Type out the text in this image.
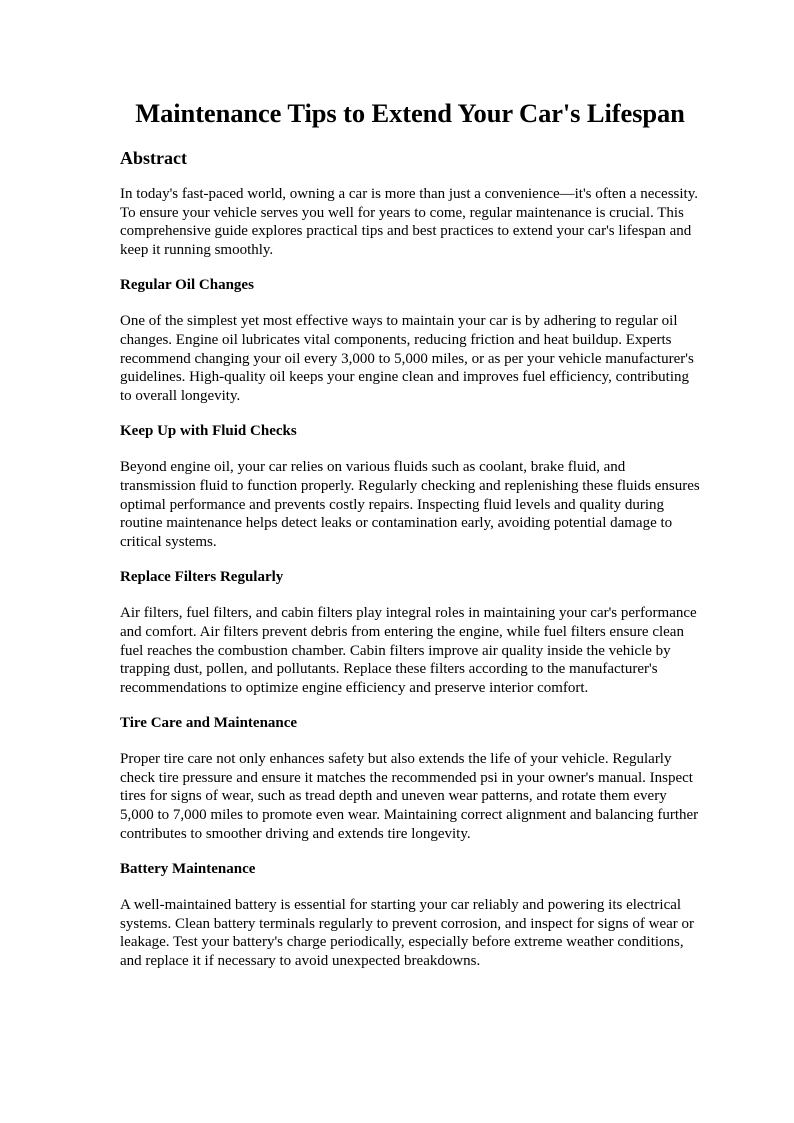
Maintenance Tips to Extend Your Car's Lifespan
Abstract

In today's fast-paced world, owning a car is more than just a convenience—it's often a necessity. To ensure your vehicle serves you well for years to come, regular maintenance is crucial. This comprehensive guide explores practical tips and best practices to extend your car's lifespan and keep it running smoothly.

Regular Oil Changes

One of the simplest yet most effective ways to maintain your car is by adhering to regular oil changes. Engine oil lubricates vital components, reducing friction and heat buildup. Experts recommend changing your oil every 3,000 to 5,000 miles, or as per your vehicle manufacturer's guidelines. High-quality oil keeps your engine clean and improves fuel efficiency, contributing to overall longevity.

Keep Up with Fluid Checks

Beyond engine oil, your car relies on various fluids such as coolant, brake fluid, and transmission fluid to function properly. Regularly checking and replenishing these fluids ensures optimal performance and prevents costly repairs. Inspecting fluid levels and quality during routine maintenance helps detect leaks or contamination early, avoiding potential damage to critical systems.

Replace Filters Regularly

Air filters, fuel filters, and cabin filters play integral roles in maintaining your car's performance and comfort. Air filters prevent debris from entering the engine, while fuel filters ensure clean fuel reaches the combustion chamber. Cabin filters improve air quality inside the vehicle by trapping dust, pollen, and pollutants. Replace these filters according to the manufacturer's recommendations to optimize engine efficiency and preserve interior comfort.

Tire Care and Maintenance

Proper tire care not only enhances safety but also extends the life of your vehicle. Regularly check tire pressure and ensure it matches the recommended psi in your owner's manual. Inspect tires for signs of wear, such as tread depth and uneven wear patterns, and rotate them every 5,000 to 7,000 miles to promote even wear. Maintaining correct alignment and balancing further contributes to smoother driving and extends tire longevity.

Battery Maintenance

A well-maintained battery is essential for starting your car reliably and powering its electrical systems. Clean battery terminals regularly to prevent corrosion, and inspect for signs of wear or leakage. Test your battery's charge periodically, especially before extreme weather conditions, and replace it if necessary to avoid unexpected breakdowns.
